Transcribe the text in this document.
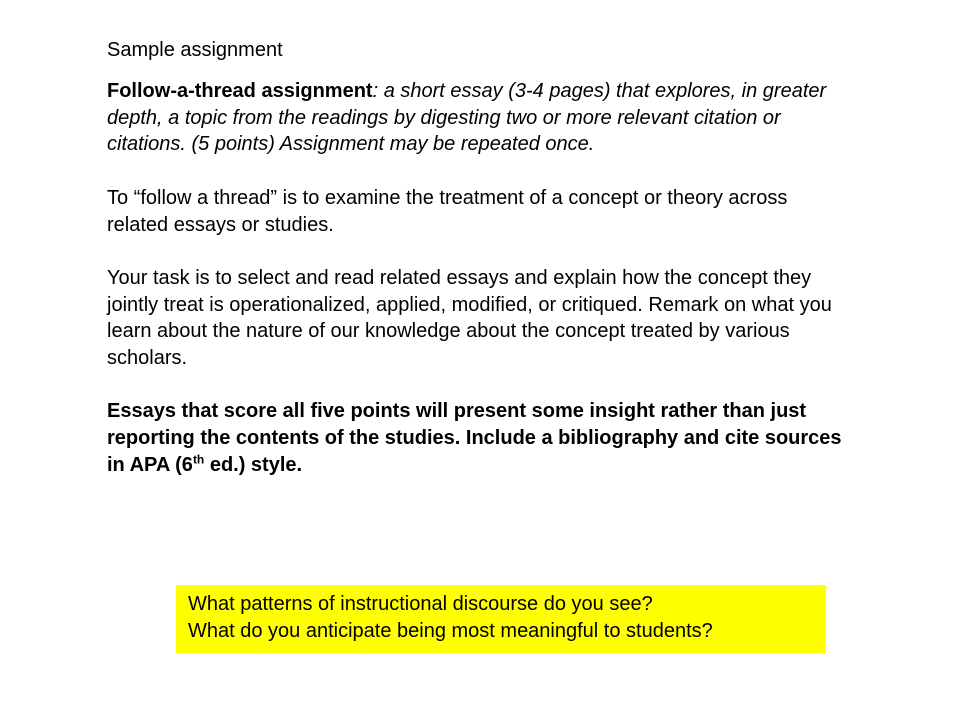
Sample assignment

Follow-a-thread assignment: a short essay (3-4 pages) that explores, in greater depth, a topic from the readings by digesting two or more relevant citation or citations. (5 points) Assignment may be repeated once.

To “follow a thread” is to examine the treatment of a concept or theory across related essays or studies.

Your task is to select and read related essays and explain how the concept they jointly treat is operationalized, applied, modified, or critiqued. Remark on what you learn about the nature of our knowledge about the concept treated by various scholars.

Essays that score all five points will present some insight rather than just reporting the contents of the studies. Include a bibliography and cite sources in APA (6th ed.) style.

What patterns of instructional discourse do you see?
What do you anticipate being most meaningful to students?
